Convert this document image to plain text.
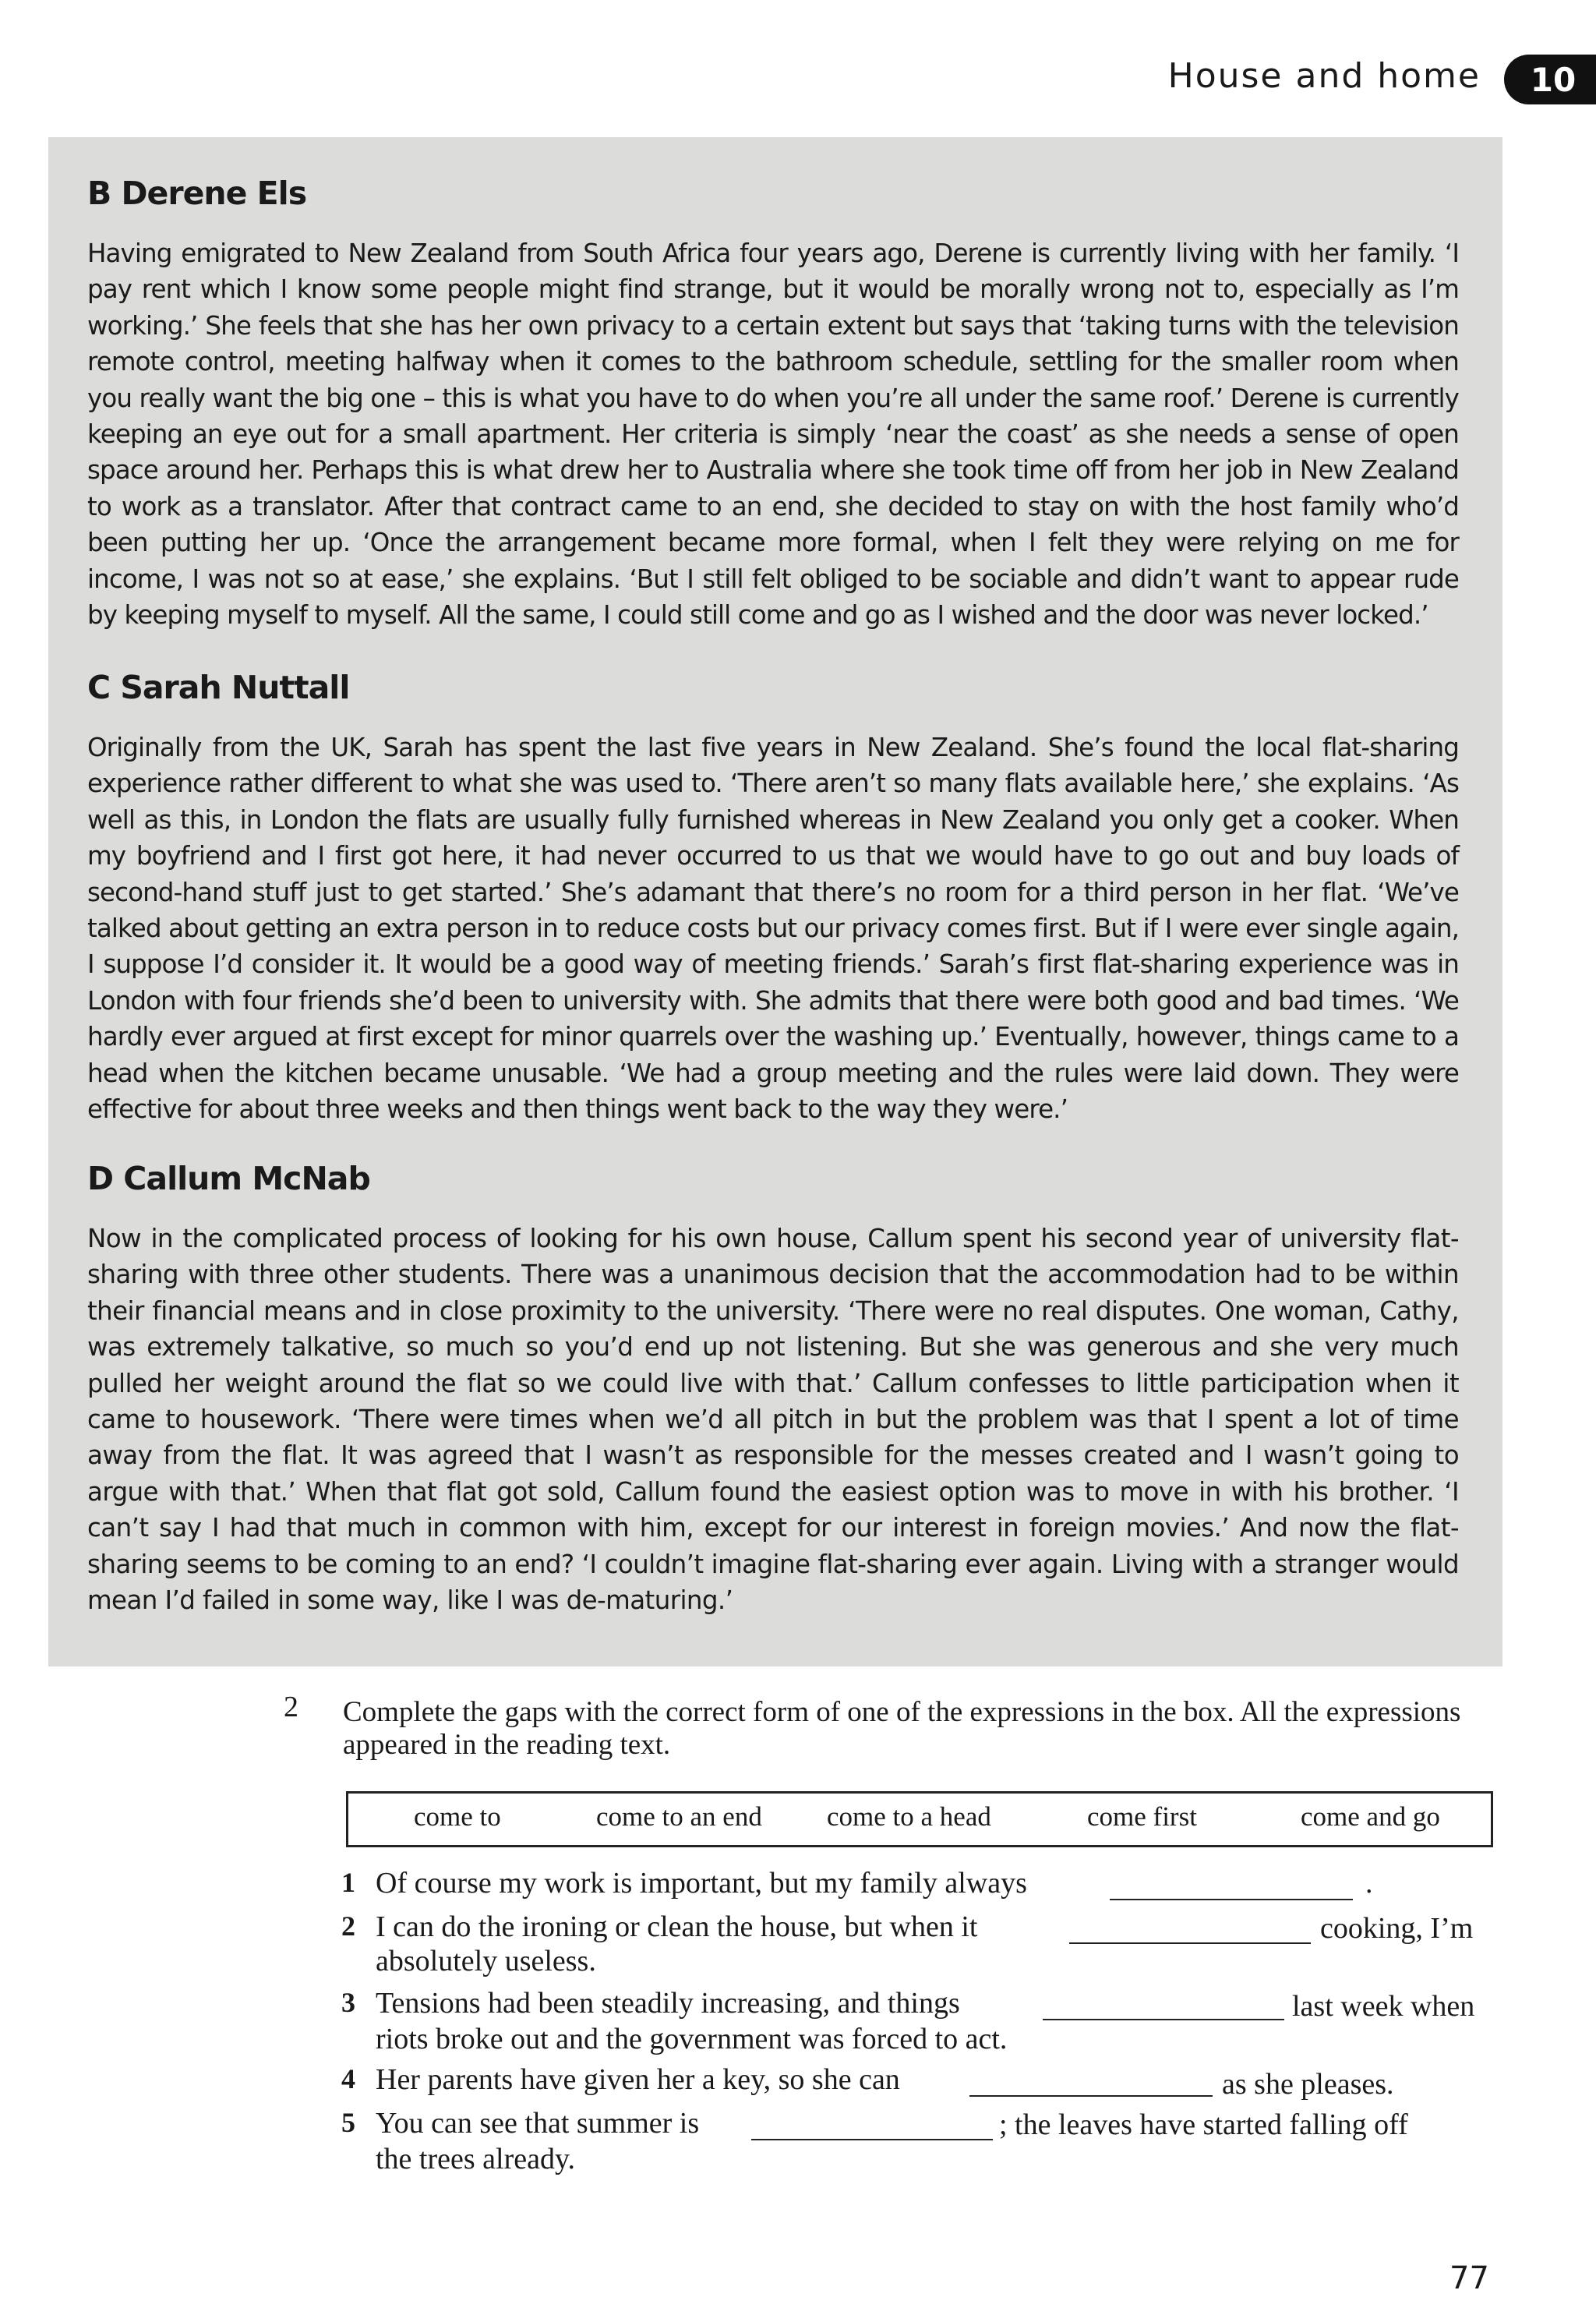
House and home	10
B Derene Els
Having emigrated to New Zealand from South Africa four years ago, Derene is currently living with her family. ‘I pay rent which I know some people might find strange, but it would be morally wrong not to, especially as I’m working.’ She feels that she has her own privacy to a certain extent but says that ‘taking turns with the television remote control, meeting halfway when it comes to the bathroom schedule, settling for the smaller room when you really want the big one – this is what you have to do when you’re all under the same roof.’ Derene is currently keeping an eye out for a small apartment. Her criteria is simply ‘near the coast’ as she needs a sense of open space around her. Perhaps this is what drew her to Australia where she took time off from her job in New Zealand to work as a translator. After that contract came to an end, she decided to stay on with the host family who’d been putting her up. ‘Once the arrangement became more formal, when I felt they were relying on me for income, I was not so at ease,’ she explains. ‘But I still felt obliged to be sociable and didn’t want to appear rude by keeping myself to myself. All the same, I could still come and go as I wished and the door was never locked.’
C Sarah Nuttall
Originally from the UK, Sarah has spent the last five years in New Zealand. She’s found the local flat-sharing experience rather different to what she was used to. ‘There aren’t so many flats available here,’ she explains. ‘As well as this, in London the flats are usually fully furnished whereas in New Zealand you only get a cooker. When my boyfriend and I first got here, it had never occurred to us that we would have to go out and buy loads of second-hand stuff just to get started.’ She’s adamant that there’s no room for a third person in her flat. ‘We’ve talked about getting an extra person in to reduce costs but our privacy comes first. But if I were ever single again, I suppose I’d consider it. It would be a good way of meeting friends.’ Sarah’s first flat-sharing experience was in London with four friends she’d been to university with. She admits that there were both good and bad times. ‘We hardly ever argued at first except for minor quarrels over the washing up.’ Eventually, however, things came to a head when the kitchen became unusable. ‘We had a group meeting and the rules were laid down. They were effective for about three weeks and then things went back to the way they were.’
D Callum McNab
Now in the complicated process of looking for his own house, Callum spent his second year of university flat-sharing with three other students. There was a unanimous decision that the accommodation had to be within their financial means and in close proximity to the university. ‘There were no real disputes. One woman, Cathy, was extremely talkative, so much so you’d end up not listening. But she was generous and she very much pulled her weight around the flat so we could live with that.’ Callum confesses to little participation when it came to housework. ‘There were times when we’d all pitch in but the problem was that I spent a lot of time away from the flat. It was agreed that I wasn’t as responsible for the messes created and I wasn’t going to argue with that.’ When that flat got sold, Callum found the easiest option was to move in with his brother. ‘I can’t say I had that much in common with him, except for our interest in foreign movies.’ And now the flat-sharing seems to be coming to an end? ‘I couldn’t imagine flat-sharing ever again. Living with a stranger would mean I’d failed in some way, like I was de-maturing.’
2 Complete the gaps with the correct form of one of the expressions in the box. All the expressions appeared in the reading text.
come to	come to an end come to a head	come first	come and go
1 Of course my work is important, but my family always	.
2 I can do the ironing or clean the house, but when it	cooking, I’m
absolutely useless.
3 Tensions had been steadily increasing, and things	last week when
riots broke out and the government was forced to act.
4 Her parents have given her a key, so she can	as she pleases.
5 You can see that summer is	; the leaves have started falling off
the trees already.
77
